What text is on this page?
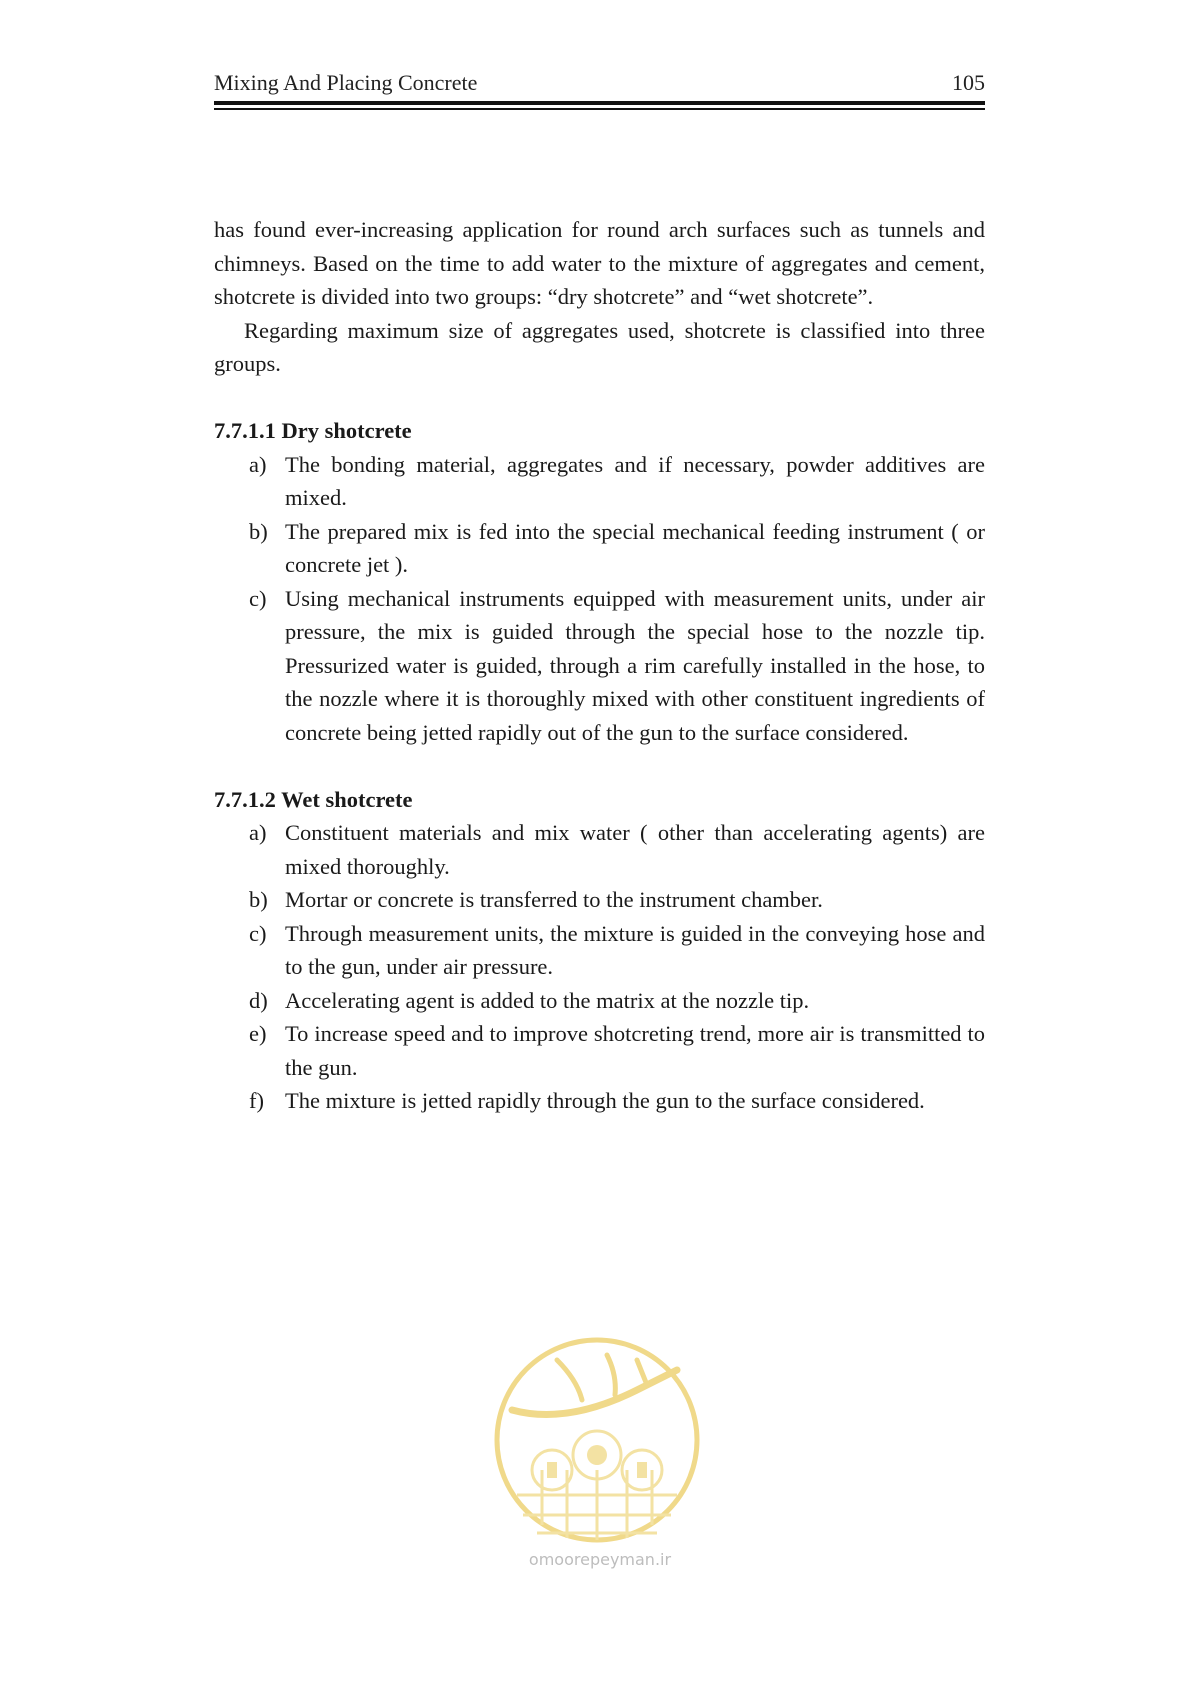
Mixing And Placing Concrete	105

has found ever-increasing application for round arch surfaces such as tunnels and chimneys. Based on the time to add water to the mixture of aggregates and cement, shotcrete is divided into two groups: “dry shotcrete” and “wet shotcrete”.

Regarding maximum size of aggregates used, shotcrete is classified into three groups.

7.7.1.1 Dry shotcrete

a) The bonding material, aggregates and if necessary, powder additives are mixed.
b) The prepared mix is fed into the special mechanical feeding instrument ( or concrete jet ).
c) Using mechanical instruments equipped with measurement units, under air pressure, the mix is guided through the special hose to the nozzle tip. Pressurized water is guided, through a rim carefully installed in the hose, to the nozzle where it is thoroughly mixed with other constituent ingredients of concrete being jetted rapidly out of the gun to the surface considered.

7.7.1.2 Wet shotcrete

a) Constituent materials and mix water ( other than accelerating agents) are mixed thoroughly.
b) Mortar or concrete is transferred to the instrument chamber.
c) Through measurement units, the mixture is guided in the conveying hose and to the gun, under air pressure.
d) Accelerating agent is added to the matrix at the nozzle tip.
e) To increase speed and to improve shotcreting trend, more air is transmitted to the gun.
f) The mixture is jetted rapidly through the gun to the surface considered.
omoorepeyman.ir
